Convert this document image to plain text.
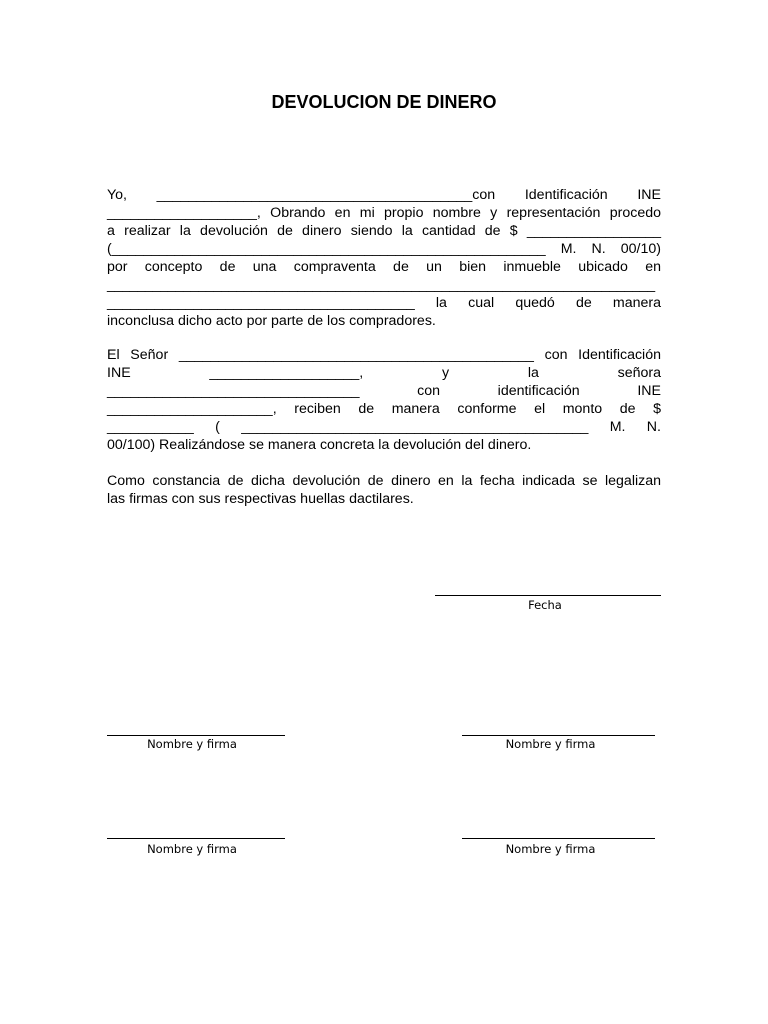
DEVOLUCION DE DINERO
Yo, ________________________________________con Identificación INE
___________________, Obrando en mi propio nombre y representación procedo
a realizar la devolución de dinero siendo la cantidad de $ _________________
(_______________________________________________________ M. N. 00/10)
por concepto de una compraventa de un bien inmueble ubicado en
________________________________________________________________________
_______________________________________ la cual quedó de manera
inconclusa dicho acto por parte de los compradores.
El Señor _____________________________________________ con Identificación
INE ___________________, y la señora
________________________________ con identificación INE
_____________________, reciben de manera conforme el monto de $
___________ ( ____________________________________________ M. N.
00/100) Realizándose se manera concreta la devolución del dinero.
Como constancia de dicha devolución de dinero en la fecha indicada se legalizan
las firmas con sus respectivas huellas dactilares.
Fecha
Nombre y firma	Nombre y firma
Nombre y firma	Nombre y firma
